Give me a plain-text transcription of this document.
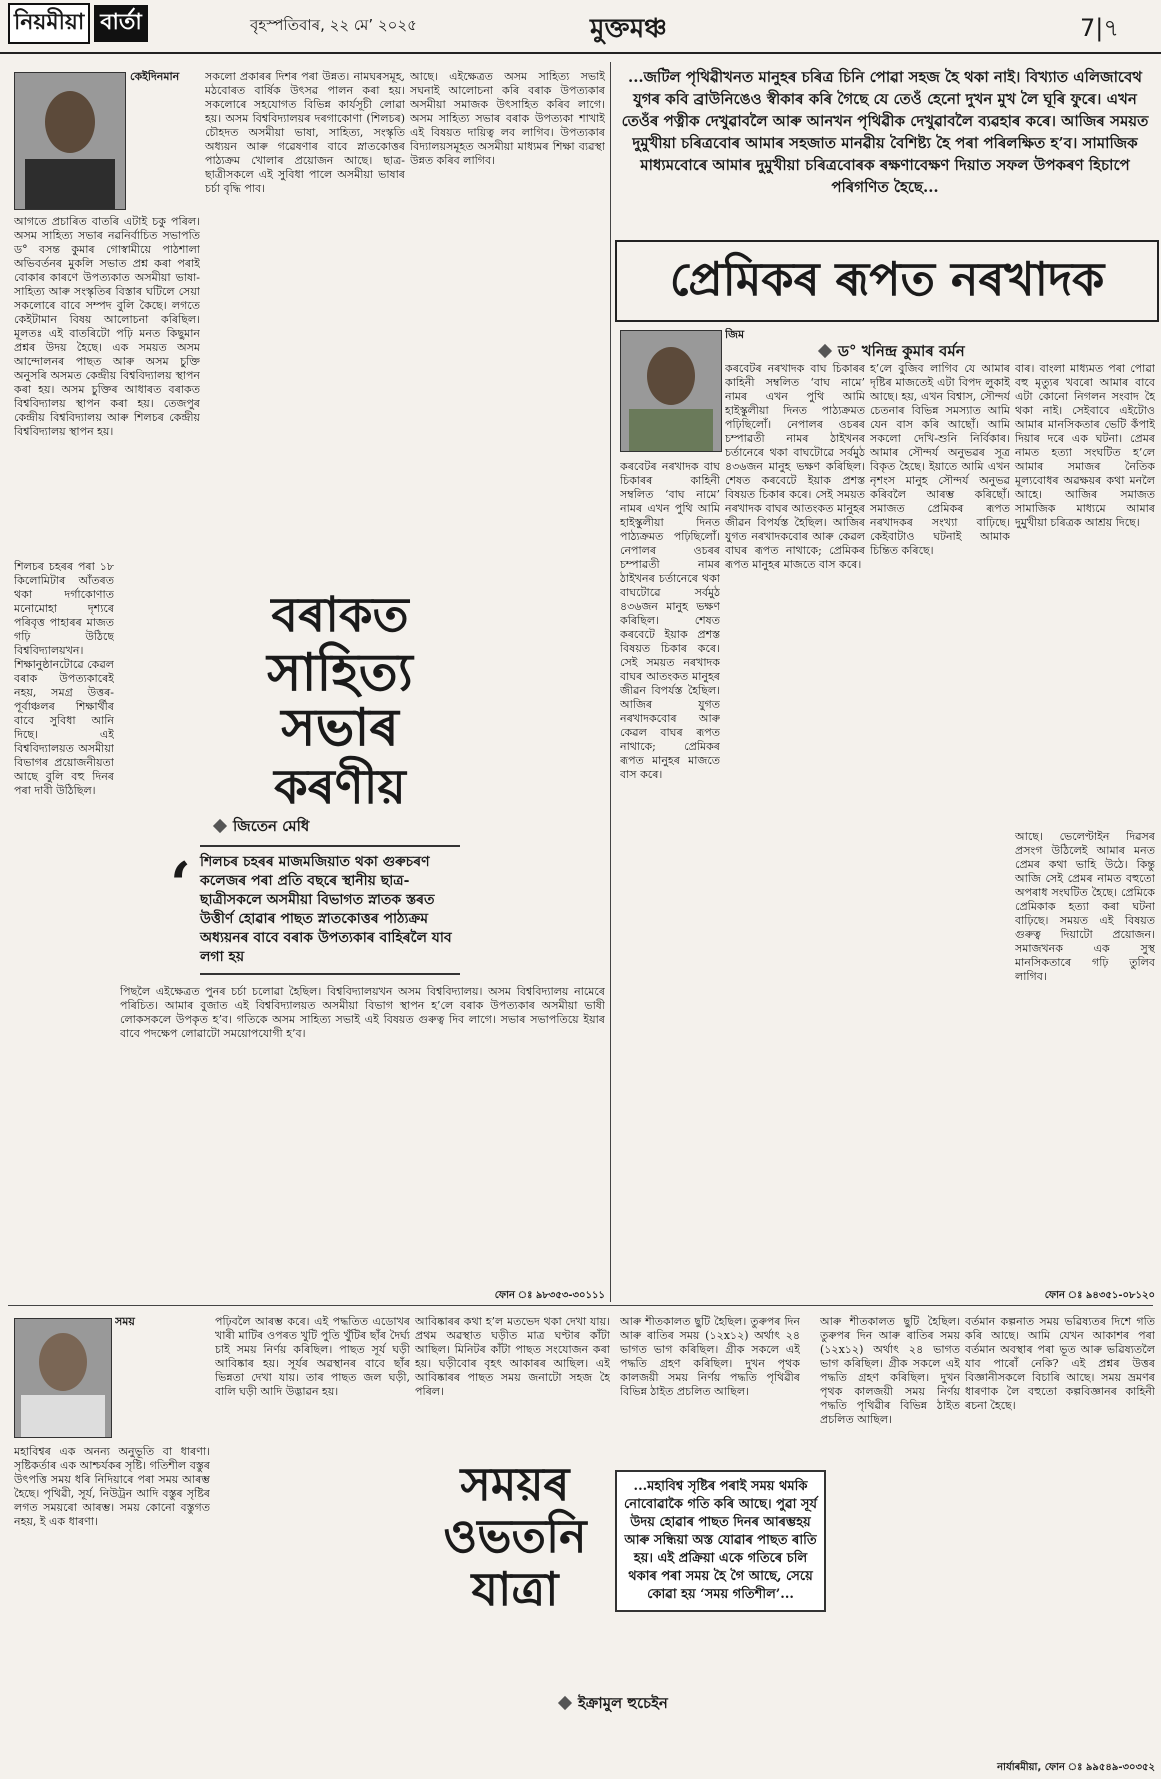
নিয়মীয়া বাৰ্তা	বৃহস্পতিবাৰ, ২২ মে’ ২০২৫	মুক্তমঞ্চ	7|৭
কেইদিনমান
আগতে প্ৰচাৰিত বাতৰি এটাই চকু পৰিল। অসম সাহিত্য সভাৰ নৱনিৰ্বাচিত সভাপতি ড° বসন্ত কুমাৰ গোস্বামীয়ে পাঠশালা অভিবৰ্তনৰ মুকলি সভাত প্ৰশ্ন কৰা পৰাই বোকাৰ কাৰণে উপত্যকাত অসমীয়া ভাষা-সাহিত্য আৰু সংস্কৃতিৰ বিস্তাৰ ঘটিলে সেয়া সকলোৰে বাবে সম্পদ বুলি কৈছে। লগতে কেইটামান বিষয় আলোচনা কৰিছিল। মূলতঃ এই বাতৰিটো পঢ়ি মনত কিছুমান প্ৰশ্নৰ উদয় হৈছে। এক সময়ত অসম আন্দোলনৰ পাছত আৰু অসম চুক্তি অনুসৰি অসমত কেন্দ্ৰীয় বিশ্ববিদ্যালয় স্থাপন কৰা হয়। অসম চুক্তিৰ আধাৰত বৰাকত বিশ্ববিদ্যালয় স্থাপন কৰা হয়। তেজপুৰ কেন্দ্ৰীয় বিশ্ববিদ্যালয় আৰু শিলচৰ কেন্দ্ৰীয় বিশ্ববিদ্যালয় স্থাপন হয়।
শিলচৰ চহৰৰ পৰা ১৮ কিলোমিটাৰ আঁতৰত থকা দৰ্গাকোণাত মনোমোহা দৃশ্যৰে পৰিবৃত্ত পাহাৰৰ মাজত গঢ়ি উঠিছে বিশ্ববিদ্যালয়খন। শিক্ষানুষ্ঠানটোৱে কেৱল বৰাক উপত্যকাৰেই নহয়, সমগ্ৰ উত্তৰ-পূৰ্বাঞ্চলৰ শিক্ষাৰ্থীৰ বাবে সুবিধা আনি দিছে। এই বিশ্ববিদ্যালয়ত অসমীয়া বিভাগৰ প্ৰয়োজনীয়তা আছে বুলি বহু দিনৰ পৰা দাবী উঠিছিল।
সকলো প্ৰকাৰৰ দিশৰ পৰা উন্নত। নামঘৰসমূহ, মঠবোৰত বাৰ্ষিক উৎসৱ পালন কৰা হয়। সকলোৰে সহযোগত বিভিন্ন কাৰ্যসূচী লোৱা হয়। অসম বিশ্ববিদ্যালয়ৰ দৰগাকোণা (শিলচৰ) চৌহদত অসমীয়া ভাষা, সাহিত্য, সংস্কৃতি অধ্যয়ন আৰু গৱেষণাৰ বাবে স্নাতকোত্তৰ পাঠ্যক্ৰম খোলাৰ প্ৰয়োজন আছে। ছাত্ৰ-ছাত্ৰীসকলে এই সুবিধা পালে অসমীয়া ভাষাৰ চৰ্চা বৃদ্ধি পাব।
আছে। এইক্ষেত্ৰত অসম সাহিত্য সভাই সঘনাই আলোচনা কৰি বৰাক উপত্যকাৰ অসমীয়া সমাজক উৎসাহিত কৰিব লাগে। অসম সাহিত্য সভাৰ বৰাক উপত্যকা শাখাই এই বিষয়ত দায়িত্ব লব লাগিব। উপত্যকাৰ বিদ্যালয়সমূহত অসমীয়া মাধ্যমৰ শিক্ষা ব্যৱস্থা উন্নত কৰিব লাগিব।
বৰাকত
সাহিত্য সভাৰ
কৰণীয়
জিতেন মেধি
‘ শিলচৰ চহৰৰ মাজমজিয়াত থকা গুৰুচৰণ কলেজৰ পৰা প্ৰতি বছৰে স্থানীয় ছাত্ৰ-ছাত্ৰীসকলে অসমীয়া বিভাগত স্নাতক স্তৰত উত্তীৰ্ণ হোৱাৰ পাছত স্নাতকোত্তৰ পাঠ্যক্ৰম অধ্যয়নৰ বাবে বৰাক উপত্যকাৰ বাহিৰলৈ যাব লগা হয়
পিছলৈ এইক্ষেত্ৰত পুনৰ চৰ্চা চলোৱা হৈছিল। বিশ্ববিদ্যালয়খন অসম বিশ্ববিদ্যালয়। অসম বিশ্ববিদ্যালয় নামেৰে পৰিচিত। আমাৰ বুজাত এই বিশ্ববিদ্যালয়ত অসমীয়া বিভাগ স্থাপন হ’লে বৰাক উপত্যকাৰ অসমীয়া ভাষী লোকসকলে উপকৃত হ’ব। গতিকে অসম সাহিত্য সভাই এই বিষয়ত গুৰুত্ব দিব লাগে। সভাৰ সভাপতিয়ে ইয়াৰ বাবে পদক্ষেপ লোৱাটো সময়োপযোগী হ’ব।
ফোন ঃ ৯৮৩৫৩-৩০১১১
...জটিল পৃথিৱীখনত মানুহৰ চৰিত্ৰ চিনি পোৱা সহজ হৈ থকা নাই। বিখ্যাত এলিজাবেথ যুগৰ কবি ব্ৰাউনিঙেও স্বীকাৰ কৰি গৈছে যে তেওঁ হেনো দুখন মুখ লৈ ঘূৰি ফুৰে। এখন তেওঁৰ পত্নীক দেখুৱাবলৈ আৰু আনখন পৃথিৱীক দেখুৱাবলৈ ব্যৱহাৰ কৰে। আজিৰ সময়ত দুমুখীয়া চৰিত্ৰবোৰ আমাৰ সহজাত মানৱীয় বৈশিষ্ট্য হৈ পৰা পৰিলক্ষিত হ’ব। সামাজিক মাধ্যমবোৰে আমাৰ দুমুখীয়া চৰিত্ৰবোৰক ৰক্ষণাবেক্ষণ দিয়াত সফল উপকৰণ হিচাপে পৰিগণিত হৈছে...
প্ৰেমিকৰ ৰূপত নৰখাদক
জিম
ড° খনিন্দ্ৰ কুমাৰ বৰ্মন
কৰবেটৰ নৰখাদক বাঘ চিকাৰৰ কাহিনী সম্বলিত ‘বাঘ নামে’ নামৰ এখন পুথি আমি হাইস্কুলীয়া দিনত পাঠ্যক্ৰমত পঢ়িছিলোঁ। নেপালৰ ওচৰৰ চম্পাৱতী নামৰ ঠাইখনৰ চৰ্তানেৰে থকা বাঘটোৱে সৰ্বমুঠ ৪৩৬জন মানুহ ভক্ষণ কৰিছিল। শেষত কৰবেটে ইয়াক প্ৰশস্ত বিষয়ত চিকাৰ কৰে। সেই সময়ত নৰখাদক বাঘৰ আতংকত মানুহৰ জীৱন বিপৰ্যস্ত হৈছিল। আজিৰ যুগত নৰখাদকবোৰ আৰু কেৱল বাঘৰ ৰূপত নাথাকে; প্ৰেমিকৰ ৰূপত মানুহৰ মাজতে বাস কৰে।
হ’লে বুজিব লাগিব যে আমাৰ দৃষ্টিৰ মাজতেই এটা বিপদ লুকাই আছে। হয়, এখন বিশ্বাস, সৌন্দৰ্য চেতনাৰ বিভিন্ন সমস্যাত আমি যেন বাস কৰি আছোঁ। আমি সকলো দেখি-শুনি নিৰ্বিকাৰ। আমাৰ সৌন্দৰ্য অনুভৱৰ সূত্ৰ বিকৃত হৈছে। ইয়াতে আমি এখন নৃশংস মানুহ সৌন্দৰ্য অনুভৱ কৰিবলৈ আৰম্ভ কৰিছোঁ। সমাজত প্ৰেমিকৰ ৰূপত নৰখাদকৰ সংখ্যা বাঢ়িছে। কেইবাটাও ঘটনাই আমাক চিন্তিত কৰিছে।
বাৰ। বাংলা মাধ্যমত পৰা পোৱা বহু মৃত্যুৰ খবৰো আমাৰ বাবে এটা কোনো নিগলন সংবাদ হৈ থকা নাই। সেইবাবে এইটোও আমাৰ মানসিকতাৰ ভেটি কঁপাই দিয়াৰ দৰে এক ঘটনা। প্ৰেমৰ নামত হত্যা সংঘটিত হ’লে আমাৰ সমাজৰ নৈতিক মূল্যবোধৰ অৱক্ষয়ৰ কথা মনলৈ আহে। আজিৰ সমাজত সামাজিক মাধ্যমে আমাৰ দুমুখীয়া চৰিত্ৰক আশ্ৰয় দিছে।
আছে। ভেলেণ্টাইন দিৱসৰ প্ৰসংগ উঠিলেই আমাৰ মনত প্ৰেমৰ কথা ভাহি উঠে। কিন্তু আজি সেই প্ৰেমৰ নামত বহুতো অপৰাধ সংঘটিত হৈছে। প্ৰেমিকে প্ৰেমিকাক হত্যা কৰা ঘটনা বাঢ়িছে। সময়ত এই বিষয়ত গুৰুত্ব দিয়াটো প্ৰয়োজন। সমাজখনক এক সুস্থ মানসিকতাৰে গঢ়ি তুলিব লাগিব।
কৰবেটৰ নৰখাদক বাঘ চিকাৰৰ কাহিনী সম্বলিত ‘বাঘ নামে’ নামৰ এখন পুথি আমি হাইস্কুলীয়া দিনত পাঠ্যক্ৰমত পঢ়িছিলোঁ। নেপালৰ ওচৰৰ চম্পাৱতী নামৰ ঠাইখনৰ চৰ্তানেৰে থকা বাঘটোৱে সৰ্বমুঠ ৪৩৬জন মানুহ ভক্ষণ কৰিছিল। শেষত কৰবেটে ইয়াক প্ৰশস্ত বিষয়ত চিকাৰ কৰে। সেই সময়ত নৰখাদক বাঘৰ আতংকত মানুহৰ জীৱন বিপৰ্যস্ত হৈছিল। আজিৰ যুগত নৰখাদকবোৰ আৰু কেৱল বাঘৰ ৰূপত নাথাকে; প্ৰেমিকৰ ৰূপত মানুহৰ মাজতে বাস কৰে।
ফোন ঃ ৯৪৩৫১-০৮১২০
সময়
মহাবিশ্বৰ এক অনন্য অনুভূতি বা ধাৰণা। সৃষ্টিকৰ্তাৰ এক আশ্চৰ্যকৰ সৃষ্টি। গতিশীল বস্তুৰ উৎপত্তি সময় ধৰি নিদিয়াৰে পৰা সময় আৰম্ভ হৈছে। পৃথিৱী, সূৰ্য, নিউট্ৰন আদি বস্তুৰ সৃষ্টিৰ লগত সময়ৰো আৰম্ভ। সময় কোনো বস্তুগত নহয়, ই এক ধাৰণা।
পঢ়িবলৈ আৰম্ভ কৰে। এই পদ্ধতিত এডোখৰ খাৰী মাটিৰ ওপৰত খুটি পুতি খুঁটিৰ ছাঁৰ দৈৰ্ঘ্য চাই সময় নিৰ্ণয় কৰিছিল। পাছত সূৰ্য ঘড়ী আবিষ্কাৰ হয়। সূৰ্যৰ অৱস্থানৰ বাবে ছাঁৰ ভিন্নতা দেখা যায়। তাৰ পাছত জল ঘড়ী, বালি ঘড়ী আদি উদ্ভাৱন হয়।
আবিষ্কাৰৰ কথা হ’ল মতভেদ থকা দেখা যায়। প্ৰথম অৱস্থাত ঘড়ীত মাত্ৰ ঘণ্টাৰ কাঁটা আছিল। মিনিটৰ কাঁটা পাছত সংযোজন কৰা হয়। ঘড়ীবোৰ বৃহৎ আকাৰৰ আছিল। এই আবিষ্কাৰৰ পাছত সময় জনাটো সহজ হৈ পৰিল।
সময়ৰ
ওভতনি
যাত্ৰা
ইক্ৰামুল হুচেইন
...মহাবিশ্ব সৃষ্টিৰ পৰাই সময় থমকি নোবোৱাকৈ গতি কৰি আছে। পুৱা সূৰ্য উদয় হোৱাৰ পাছত দিনৰ আৰম্ভহয় আৰু সন্ধিয়া অস্ত যোৱাৰ পাছত ৰাতি হয়। এই প্ৰক্ৰিয়া একে গতিৰে চলি থকাৰ পৰা সময় হৈ গৈ আছে, সেয়ে কোৱা হয় ‘সময় গতিশীল’...
আৰু শীতকালত ছুটি হৈছিল। তুৰুপৰ দিন আৰু ৰাতিৰ সময় (১২x১২) অৰ্থাৎ ২৪ ভাগত ভাগ কৰিছিল। গ্ৰীক সকলে এই পদ্ধতি গ্ৰহণ কৰিছিল। দুখন পৃথক কালজয়ী সময় নিৰ্ণয় পদ্ধতি পৃথিৱীৰ বিভিন্ন ঠাইত প্ৰচলিত আছিল।
আৰু শীতকালত ছুটি হৈছিল। তুৰুপৰ দিন আৰু ৰাতিৰ সময় (১২x১২) অৰ্থাৎ ২৪ ভাগত ভাগ কৰিছিল। গ্ৰীক সকলে এই পদ্ধতি গ্ৰহণ কৰিছিল। দুখন পৃথক কালজয়ী সময় নিৰ্ণয় পদ্ধতি পৃথিৱীৰ বিভিন্ন ঠাইত প্ৰচলিত আছিল।
বৰ্তমান কল্পনাত সময় ভৱিষ্যতৰ দিশে গতি কৰি আছে। আমি যেখন আকাশৰ পৰা বৰ্তমান অবস্থাৰ পৰা ভূত আৰু ভৱিষ্যতলৈ যাব পাৰোঁ নেকি? এই প্ৰশ্নৰ উত্তৰ বিজ্ঞানীসকলে বিচাৰি আছে। সময় ভ্ৰমণৰ ধাৰণাক লৈ বহুতো কল্পবিজ্ঞানৰ কাহিনী ৰচনা হৈছে।
নাৰ্যাৰমীয়া, ফোন ঃ ৯৯৫৪৯-৩০৩৫২
